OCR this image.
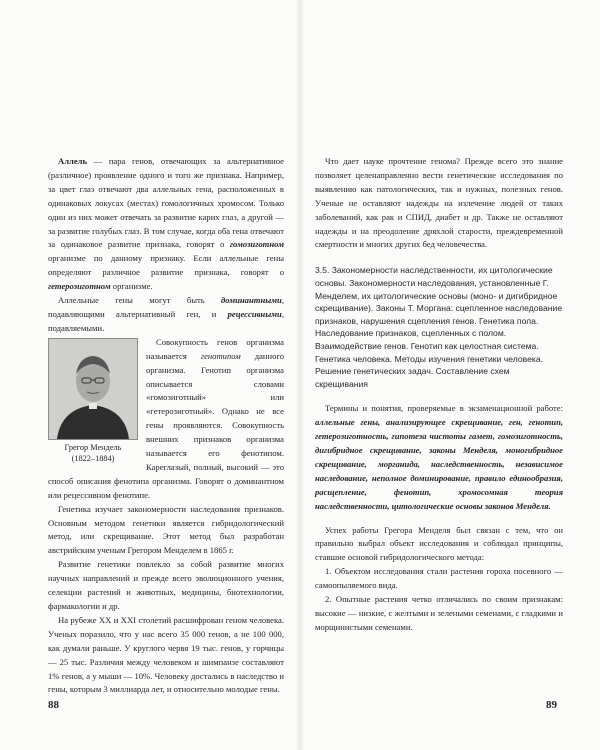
Аллель — пара генов, отвечающих за альтернативное (различное) проявление одного и того же признака. Например, за цвет глаз отвечают два аллельных гена, расположенных в одинаковых локусах (местах) гомологичных хромосом. Только один из них может отвечать за развитие карих глаз, а другой — за развитие голубых глаз. В том случае, когда оба гена отвечают за одинаковое развитие признака, говорят о гомозиготном организме по данному признаку. Если аллельные гены определяют различное развитие признака, говорят о гетерозиготном организме.

Аллельные гены могут быть доминантными, подавляющими альтернативный ген, и рецессивными, подавляемыми.

Грегор Мендель
(1822–1884)

Совокупность генов организма называется генотипом данного организма. Генотип организма описывается словами «гомозиготный» или «гетерозиготный». Однако не все гены проявляются. Совокупность внешних признаков организма называется его фенотипом. Кареглазый, полный, высокий — это способ описания фенотипа организма. Говорят о доминантном или рецессивном фенотипе.

Генетика изучает закономерности наследования признаков. Основным методом генетики является гибридологический метод, или скрещивание. Этот метод был разработан австрийским ученым Грегором Менделем в 1865 г.

Развитие генетики повлекло за собой развитие многих научных направлений и прежде всего эволюционного учения, селекции растений и животных, медицины, биотехнологии, фармакологии и др.

На рубеже XX и XXI столетий расшифрован геном человека. Ученых поразило, что у нас всего 35 000 генов, а не 100 000, как думали раньше. У круглого червя 19 тыс. генов, у горчицы — 25 тыс. Различия между человеком и шимпанзе составляют 1% генов, а у мыши — 10%. Человеку достались в наследство и гены, которым 3 миллиарда лет, и относительно молодые гены.

88

Что дает науке прочтение генома? Прежде всего это знание позволяет целенаправленно вести генетические исследования по выявлению как патологических, так и нужных, полезных генов. Ученые не оставляют надежды на излечение людей от таких заболеваний, как рак и СПИД, диабет и др. Также не оставляют надежды и на преодоление дряхлой старости, преждевременной смертности и многих других бед человечества.

3.5. Закономерности наследственности, их цитологические основы. Закономерности наследования, установленные Г. Менделем, их цитологические основы (моно- и дигибридное скрещивание). Законы Т. Моргана: сцепленное наследование признаков, нарушения сцепления генов. Генетика пола. Наследование признаков, сцепленных с полом. Взаимодействие генов. Генотип как целостная система. Генетика человека. Методы изучения генетики человека. Решение генетических задач. Составление схем скрещивания

Термины и понятия, проверяемые в экзаменационной работе: аллельные гены, анализирующее скрещивание, ген, генотип, гетерозиготность, гипотеза чистоты гамет, гомозиготность, дигибридное скрещивание, законы Менделя, моногибридное скрещивание, морганида, наследственность, независимое наследование, неполное доминирование, правило единообразия, расщепление, фенотип, хромосомная теория наследственности, цитологические основы законов Менделя.

Успех работы Грегора Менделя был связан с тем, что он правильно выбрал объект исследования и соблюдал принципы, ставшие основой гибридологического метода:

1. Объектом исследования стали растения гороха посевного — самоопыляемого вида.

2. Опытные растения четко отличались по своим признакам: высокие — низкие, с желтыми и зелеными семенами, с гладкими и морщинистыми семенами.

89
